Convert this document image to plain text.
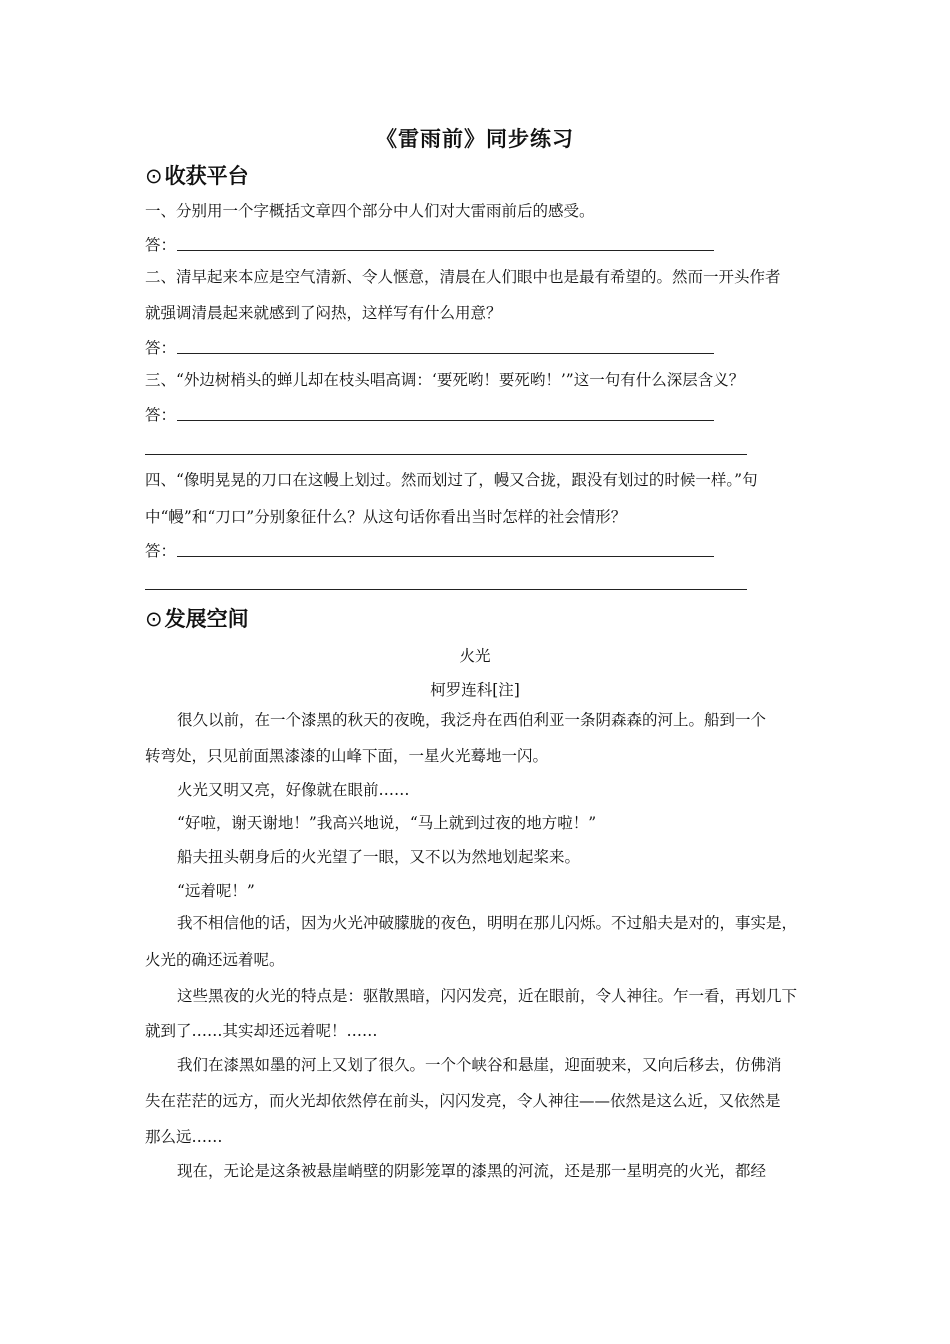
《雷雨前》同步练习
⊙收获平台
一、分别用一个字概括文章四个部分中人们对大雷雨前后的感受。
答：
二、清早起来本应是空气清新、令人惬意，清晨在人们眼中也是最有希望的。然而一开头作者
就强调清晨起来就感到了闷热，这样写有什么用意？
答：
三、“外边树梢头的蝉儿却在枝头唱高调：‘要死哟！要死哟！’”这一句有什么深层含义？
答：
四、“像明晃晃的刀口在这幔上划过。然而划过了，幔又合拢，跟没有划过的时候一样。”句
中“幔”和“刀口”分别象征什么？从这句话你看出当时怎样的社会情形？
答：
⊙发展空间
火光
柯罗连科[注]
很久以前，在一个漆黑的秋天的夜晚，我泛舟在西伯利亚一条阴森森的河上。船到一个
转弯处，只见前面黑漆漆的山峰下面，一星火光蓦地一闪。
火光又明又亮，好像就在眼前……
“好啦，谢天谢地！”我高兴地说，“马上就到过夜的地方啦！”
船夫扭头朝身后的火光望了一眼，又不以为然地划起桨来。
“远着呢！”
我不相信他的话，因为火光冲破朦胧的夜色，明明在那儿闪烁。不过船夫是对的，事实是，
火光的确还远着呢。
这些黑夜的火光的特点是：驱散黑暗，闪闪发亮，近在眼前，令人神往。乍一看，再划几下
就到了……其实却还远着呢！……
我们在漆黑如墨的河上又划了很久。一个个峡谷和悬崖，迎面驶来，又向后移去，仿佛消
失在茫茫的远方，而火光却依然停在前头，闪闪发亮，令人神往——依然是这么近，又依然是
那么远……
现在，无论是这条被悬崖峭壁的阴影笼罩的漆黑的河流，还是那一星明亮的火光，都经
